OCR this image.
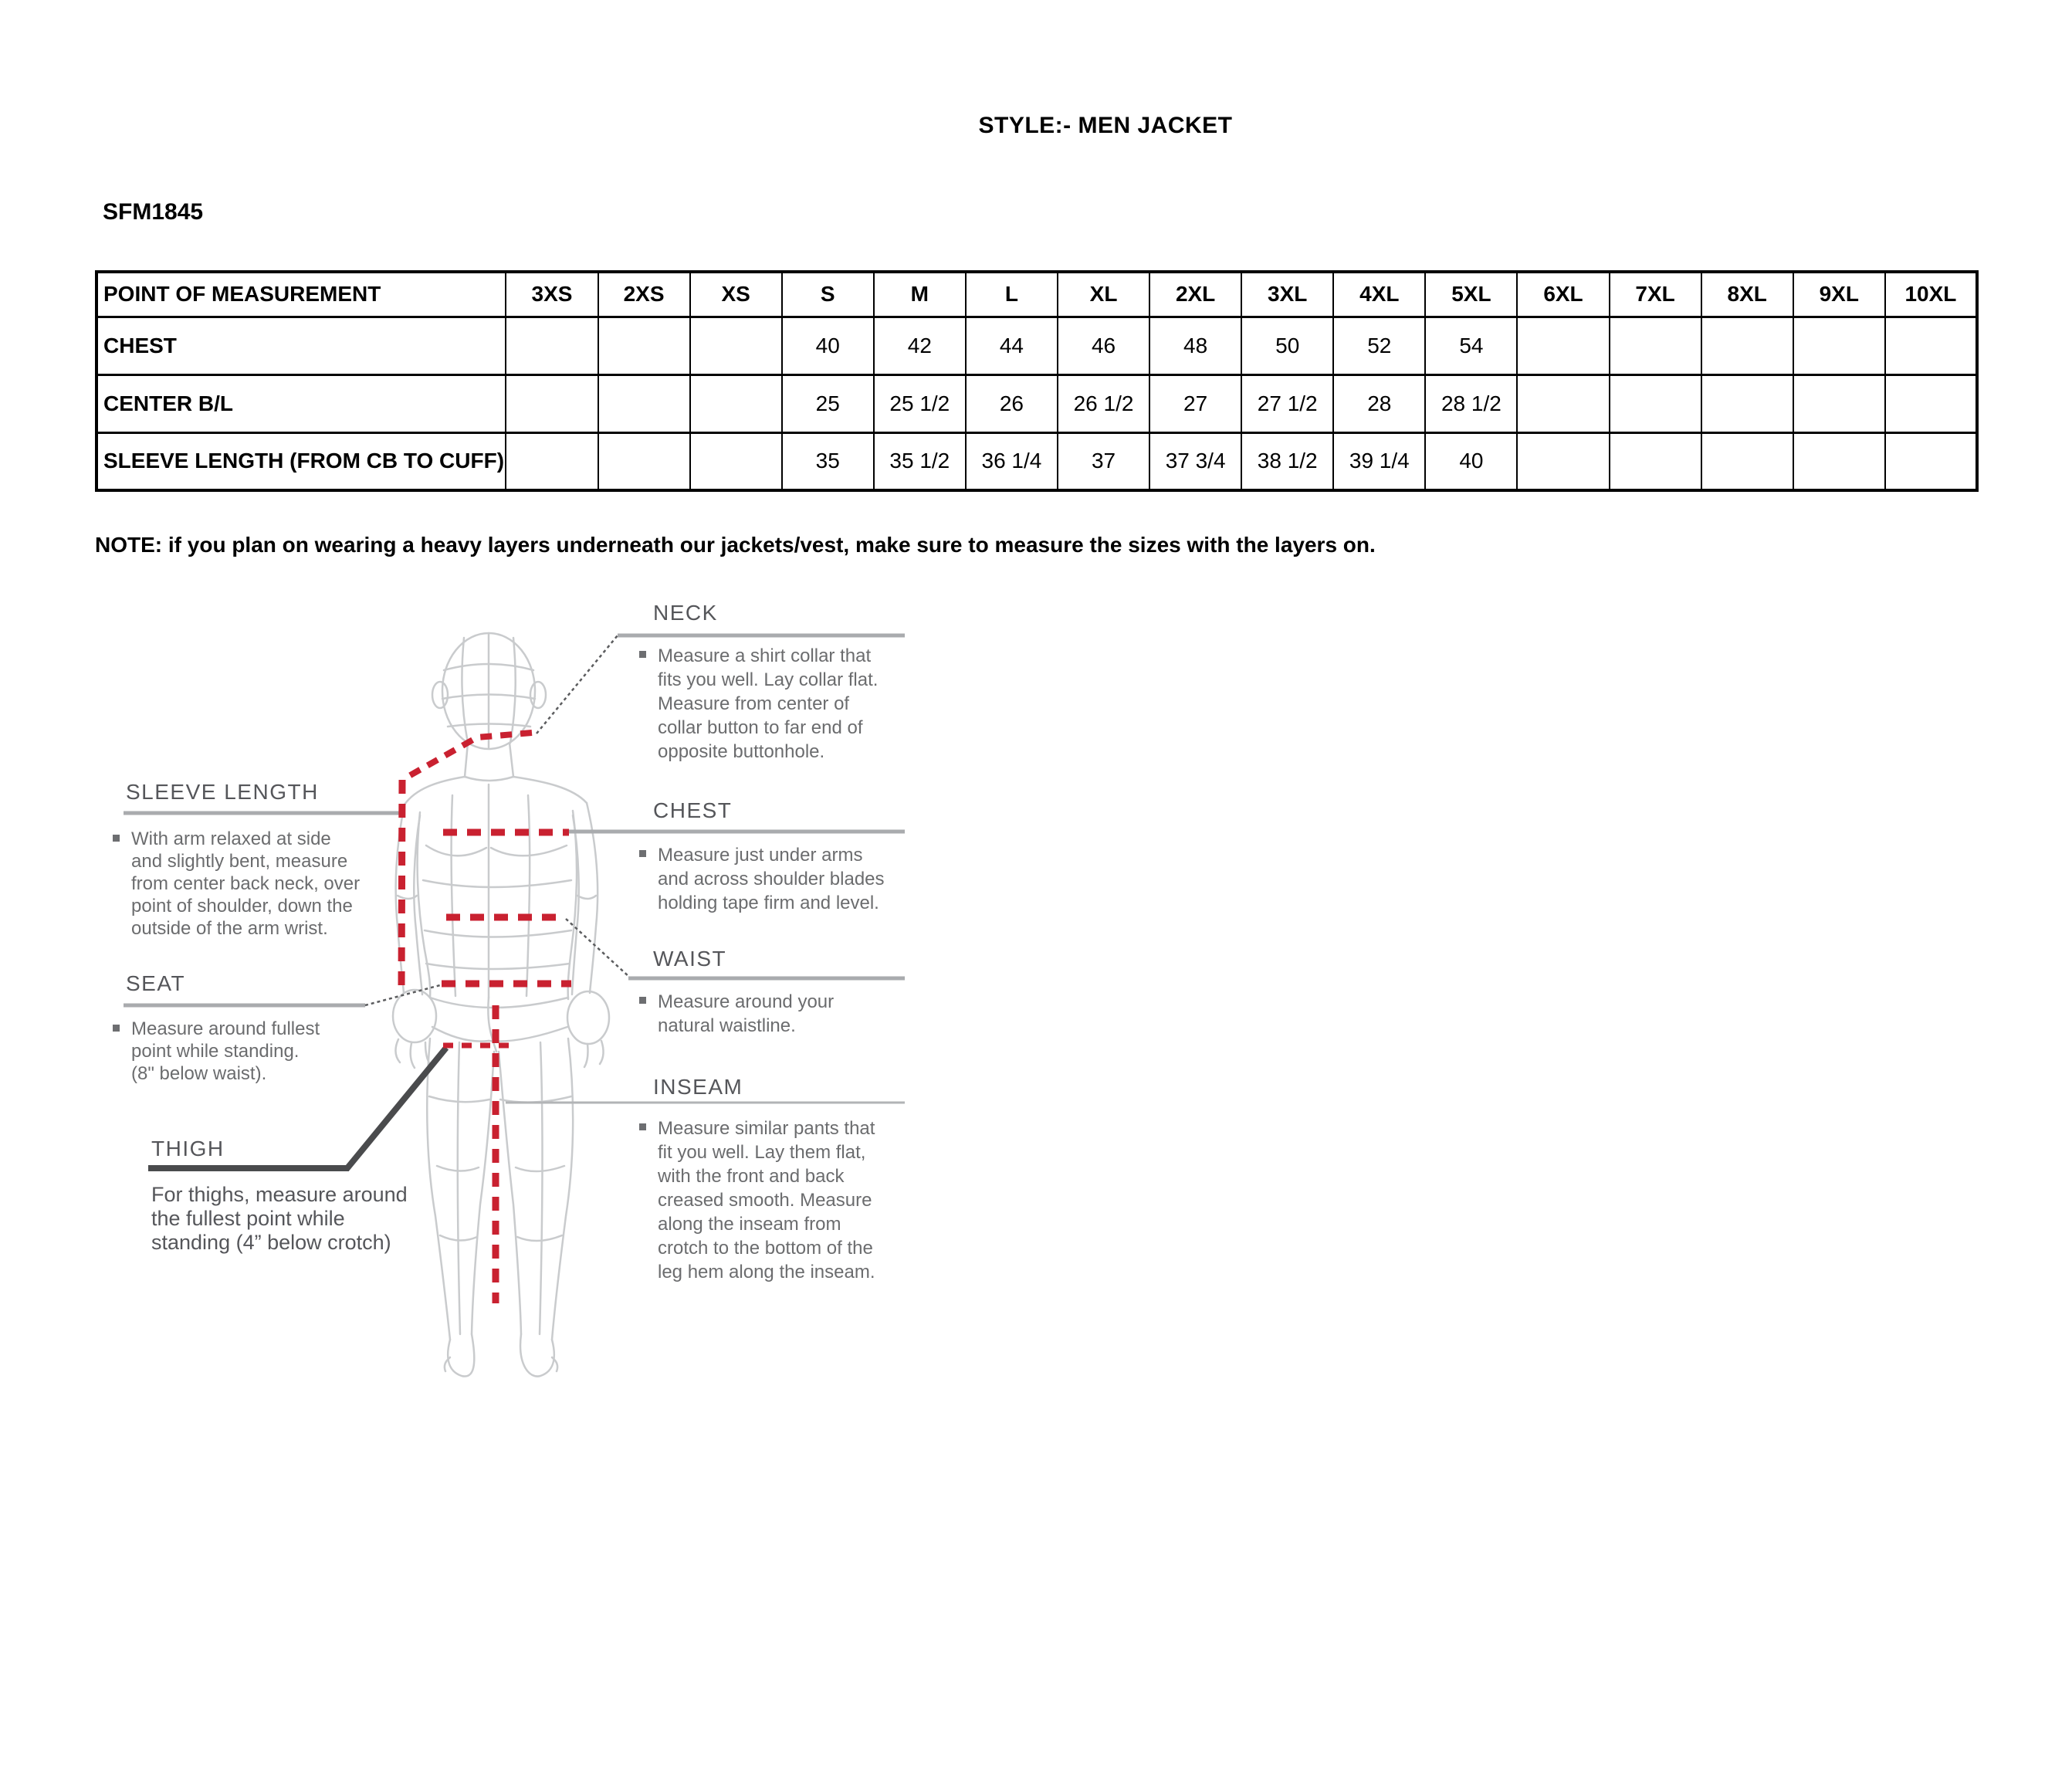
STYLE:- MEN JACKET
SFM1845
POINT OF MEASUREMENT	3XS	2XS	XS	S	M	L	XL	2XL	3XL	4XL	5XL	6XL	7XL	8XL	9XL	10XL
CHEST				40	42	44	46	48	50	52	54					
CENTER B/L				25	25 1/2	26	26 1/2	27	27 1/2	28	28 1/2					
SLEEVE LENGTH (FROM CB TO CUFF)				35	35 1/2	36 1/4	37	37 3/4	38 1/2	39 1/4	40					
NOTE: if you plan on wearing a heavy layers underneath our jackets/vest, make sure to measure the sizes with the layers on.
SLEEVE LENGTH
With arm relaxed at side
and slightly bent, measure
from center back neck, over
point of shoulder, down the
outside of the arm wrist.
SEAT
Measure around fullest
point while standing.
(8" below waist).
THIGH
For thighs, measure around
the fullest point while
standing (4” below crotch)
NECK
Measure a shirt collar that
fits you well. Lay collar flat.
Measure from center of
collar button to far end of
opposite buttonhole.
CHEST
Measure just under arms
and across shoulder blades
holding tape firm and level.
WAIST
Measure around your
natural waistline.
INSEAM
Measure similar pants that
fit you well. Lay them flat,
with the front and back
creased smooth. Measure
along the inseam from
crotch to the bottom of the
leg hem along the inseam.
